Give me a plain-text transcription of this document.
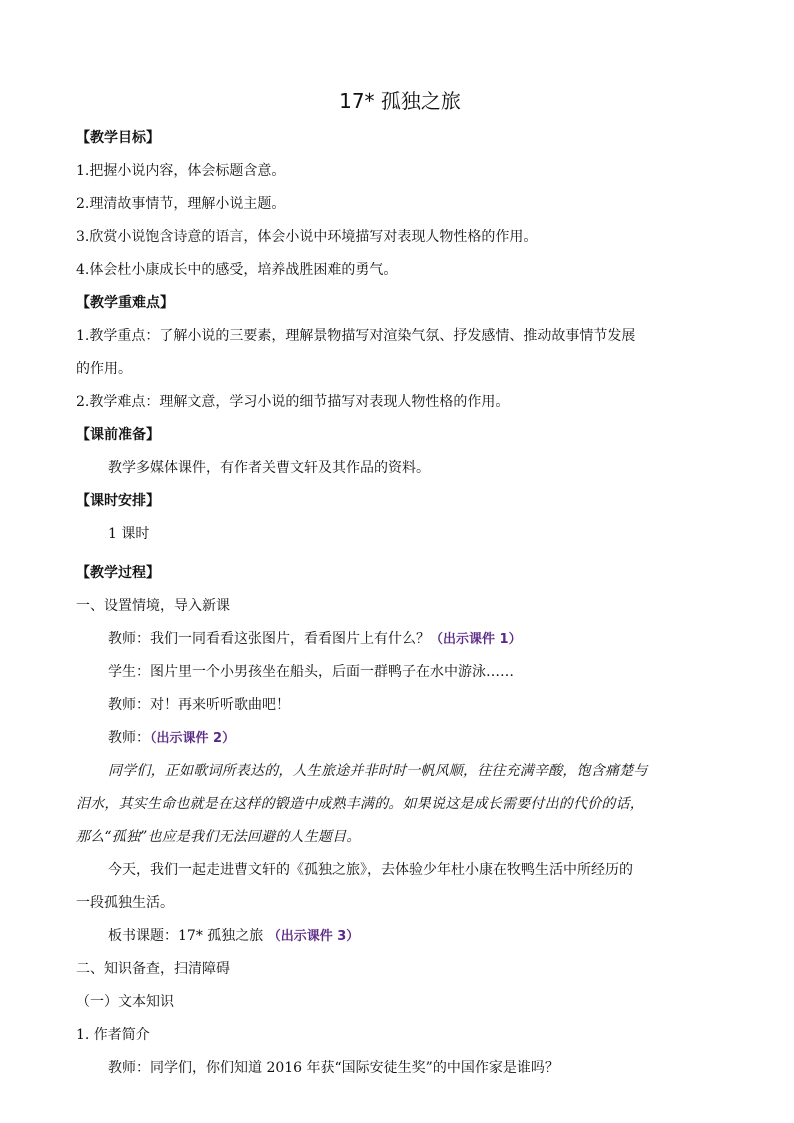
17* 孤独之旅
【教学目标】
1.把握小说内容，体会标题含意。
2.理清故事情节，理解小说主题。
3.欣赏小说饱含诗意的语言，体会小说中环境描写对表现人物性格的作用。
4.体会杜小康成长中的感受，培养战胜困难的勇气。
【教学重难点】
1.教学重点：了解小说的三要素，理解景物描写对渲染气氛、抒发感情、推动故事情节发展
的作用。
2.教学难点：理解文意，学习小说的细节描写对表现人物性格的作用。
【课前准备】
教学多媒体课件，有作者关曹文轩及其作品的资料。
【课时安排】
1 课时
【教学过程】
一、设置情境，导入新课
教师：我们一同看看这张图片，看看图片上有什么？（出示课件 1）
学生：图片里一个小男孩坐在船头，后面一群鸭子在水中游泳……
教师：对！再来听听歌曲吧！
教师：（出示课件 2）
同学们，正如歌词所表达的，人生旅途并非时时一帆风顺，往往充满辛酸，饱含痛楚与
泪水，其实生命也就是在这样的锻造中成熟丰满的。如果说这是成长需要付出的代价的话，
那么“孤独”也应是我们无法回避的人生题目。
今天，我们一起走进曹文轩的《孤独之旅》，去体验少年杜小康在牧鸭生活中所经历的
一段孤独生活。
板书课题：17* 孤独之旅 （出示课件 3）
二、知识备查，扫清障碍
（一）文本知识
1. 作者简介
教师：同学们，你们知道 2016 年获“国际安徒生奖”的中国作家是谁吗？
